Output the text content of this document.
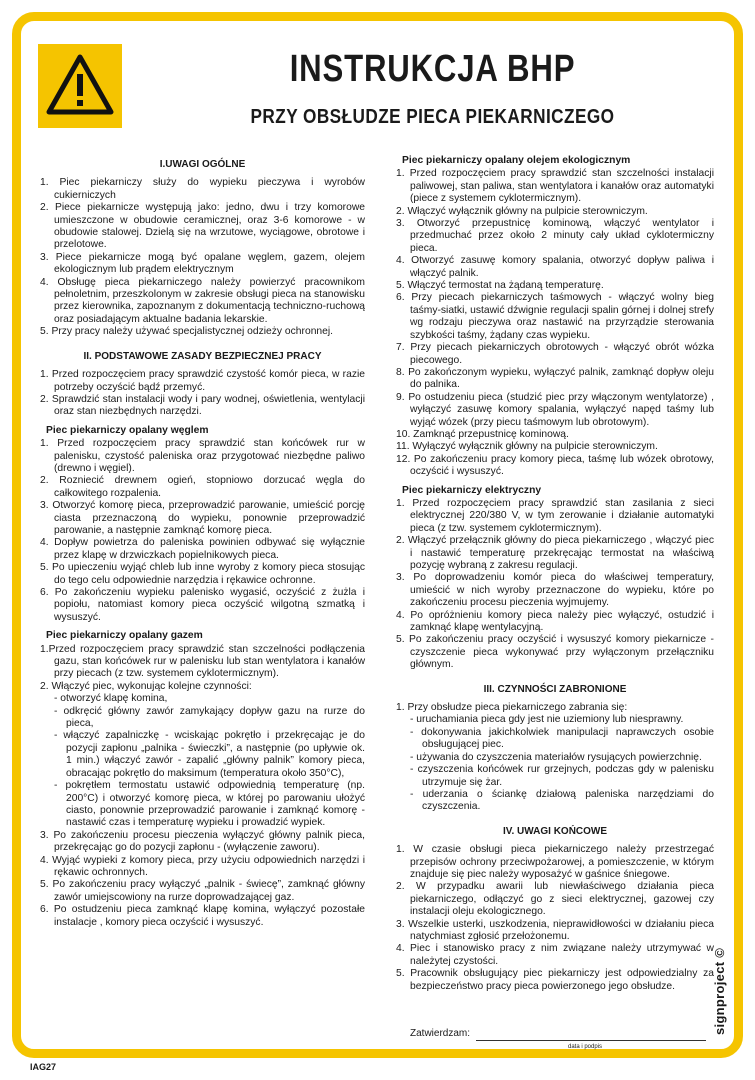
INSTRUKCJA BHP
PRZY OBSŁUDZE PIECA PIEKARNICZEGO
I.UWAGI OGÓLNE
1. Piec piekarniczy służy do wypieku pieczywa i wyrobów cukierniczych
2. Piece piekarnicze występują jako: jedno, dwu i trzy komorowe umieszczone w obudowie ceramicznej, oraz 3-6 komorowe - w obudowie stalowej. Dzielą się na wrzutowe, wyciągowe, obrotowe i przelotowe.
3. Piece piekarnicze mogą być opalane węglem, gazem, olejem ekologicznym lub prądem elektrycznym
4. Obsługę pieca piekarniczego należy powierzyć pracownikom pełnoletnim, przeszkolonym w zakresie obsługi pieca na stanowisku przez kierownika, zapoznanym z dokumentacją techniczno-ruchową oraz posiadającym aktualne badania lekarskie.
5. Przy pracy należy używać specjalistycznej odzieży ochronnej.
II. PODSTAWOWE ZASADY BEZPIECZNEJ PRACY
1. Przed rozpoczęciem pracy sprawdzić czystość komór pieca, w razie potrzeby oczyścić bądź przemyć.
2. Sprawdzić stan instalacji wody i pary wodnej, oświetlenia, wentylacji oraz stan niezbędnych narzędzi.
Piec piekarniczy opalany węglem
1. Przed rozpoczęciem pracy sprawdzić stan końcówek rur w palenisku, czystość paleniska oraz przygotować niezbędne paliwo (drewno i węgiel).
2. Rozniecić drewnem ogień, stopniowo dorzucać węgla do całkowitego rozpalenia.
3. Otworzyć komorę pieca, przeprowadzić parowanie, umieścić porcję ciasta przeznaczoną do wypieku, ponownie przeprowadzić parowanie, a następnie zamknąć komorę pieca.
4. Dopływ powietrza do paleniska powinien odbywać się wyłącznie przez klapę w drzwiczkach popielnikowych pieca.
5. Po upieczeniu wyjąć chleb lub inne wyroby z komory pieca stosując do tego celu odpowiednie narzędzia i rękawice ochronne.
6. Po zakończeniu wypieku palenisko wygasić, oczyścić z żużla i popiołu, natomiast komory pieca oczyścić wilgotną szmatką i wysuszyć.
Piec piekarniczy opalany gazem
1.Przed rozpoczęciem pracy sprawdzić stan szczelności podłączenia gazu, stan końcówek rur w palenisku lub stan wentylatora i kanałów przy piecach (z tzw. systemem cyklotermicznym).
2. Włączyć piec, wykonując kolejne czynności:
- otworzyć klapę komina,
- odkręcić główny zawór zamykający dopływ gazu na rurze do pieca,
- włączyć zapalniczkę - wciskając pokrętło i przekręcając je do pozycji zapłonu „palnika - świeczki”, a następnie (po upływie ok. 1 min.) włączyć zawór - zapalić „główny palnik” komory pieca, obracając pokrętło do maksimum (temperatura około 350°C),
- pokrętłem termostatu ustawić odpowiednią temperaturę (np. 200°C) i otworzyć komorę pieca, w której po parowaniu ułożyć ciasto, ponownie przeprowadzić parowanie i zamknąć komorę - nastawić czas i temperaturę wypieku i prowadzić wypiek.
3. Po zakończeniu procesu pieczenia wyłączyć główny palnik pieca, przekręcając go do pozycji zapłonu - (wyłączenie zaworu).
4. Wyjąć wypieki z komory pieca, przy użyciu odpowiednich narzędzi i rękawic ochronnych.
5. Po zakończeniu pracy wyłączyć „palnik - świecę”, zamknąć główny zawór umiejscowiony na rurze doprowadzającej gaz.
6. Po ostudzeniu pieca zamknąć klapę komina, wyłączyć pozostałe instalacje , komory pieca oczyścić i wysuszyć.
Piec piekarniczy opalany olejem ekologicznym
1. Przed rozpoczęciem pracy sprawdzić stan szczelności instalacji paliwowej, stan paliwa, stan wentylatora i kanałów oraz automatyki (piece z systemem cyklotermicznym).
2. Włączyć wyłącznik główny na pulpicie sterowniczym.
3. Otworzyć przepustnicę kominową, włączyć wentylator i przedmuchać przez około 2 minuty cały układ cyklotermiczny pieca.
4. Otworzyć zasuwę komory spalania, otworzyć dopływ paliwa i włączyć palnik.
5. Włączyć termostat na żądaną temperaturę.
6. Przy piecach piekarniczych taśmowych - włączyć wolny bieg taśmy-siatki, ustawić dźwignie regulacji spalin górnej i dolnej strefy wg rodzaju pieczywa oraz nastawić na przyrządzie sterowania szybkości taśmy, żądany czas wypieku.
7. Przy piecach piekarniczych obrotowych - włączyć obrót wózka piecowego.
8. Po zakończonym wypieku, wyłączyć palnik, zamknąć dopływ oleju do palnika.
9. Po ostudzeniu pieca (studzić piec przy włączonym wentylatorze) , wyłączyć zasuwę komory spalania, wyłączyć napęd taśmy lub wyjąć wózek (przy piecu taśmowym lub obrotowym).
10. Zamknąć przepustnicę kominową.
11. Wyłączyć wyłącznik główny na pulpicie sterowniczym.
12. Po zakończeniu pracy komory pieca, taśmę lub wózek obrotowy, oczyścić i wysuszyć.
Piec piekarniczy elektryczny
1. Przed rozpoczęciem pracy sprawdzić stan zasilania z sieci elektrycznej 220/380 V, w tym zerowanie i działanie automatyki pieca (z tzw. systemem cyklotermicznym).
2. Włączyć przełącznik główny do pieca piekarniczego , włączyć piec i nastawić temperaturę przekręcając termostat na właściwą pozycję wybraną z zakresu regulacji.
3. Po doprowadzeniu komór pieca do właściwej temperatury, umieścić w nich wyroby przeznaczone do wypieku, które po zakończeniu procesu pieczenia wyjmujemy.
4. Po opróżnieniu komory pieca należy piec wyłączyć, ostudzić i zamknąć klapę wentylacyjną.
5. Po zakończeniu pracy oczyścić i wysuszyć komory piekarnicze - czyszczenie pieca wykonywać przy wyłączonym przełączniku głównym.
III. CZYNNOŚCI ZABRONIONE
1. Przy obsłudze pieca piekarniczego zabrania się:
- uruchamiania pieca gdy jest nie uziemiony lub niesprawny.
- dokonywania jakichkolwiek manipulacji naprawczych osobie obsługującej piec.
- używania do czyszczenia materiałów rysujących powierzchnię.
- czyszczenia końcówek rur grzejnych, podczas gdy w palenisku utrzymuje się żar.
- uderzania o ściankę działową paleniska narzędziami do czyszczenia.
IV. UWAGI KOŃCOWE
1. W czasie obsługi pieca piekarniczego należy przestrzegać przepisów ochrony przeciwpożarowej, a pomieszczenie, w którym znajduje się piec należy wyposażyć w gaśnice śniegowe.
2. W przypadku awarii lub niewłaściwego działania pieca piekarniczego, odłączyć go z sieci elektrycznej, gazowej czy instalacji oleju ekologicznego.
3. Wszelkie usterki, uszkodzenia, nieprawidłowości w działaniu pieca natychmiast zgłosić przełożonemu.
4. Piec i stanowisko pracy z nim związane należy utrzymywać w należytej czystości.
5. Pracownik obsługujący piec piekarniczy jest odpowiedzialny za bezpieczeństwo pracy pieca powierzonego jego obsłudze.
Zatwierdzam:
data i podpis
IAG27
signproject ©
